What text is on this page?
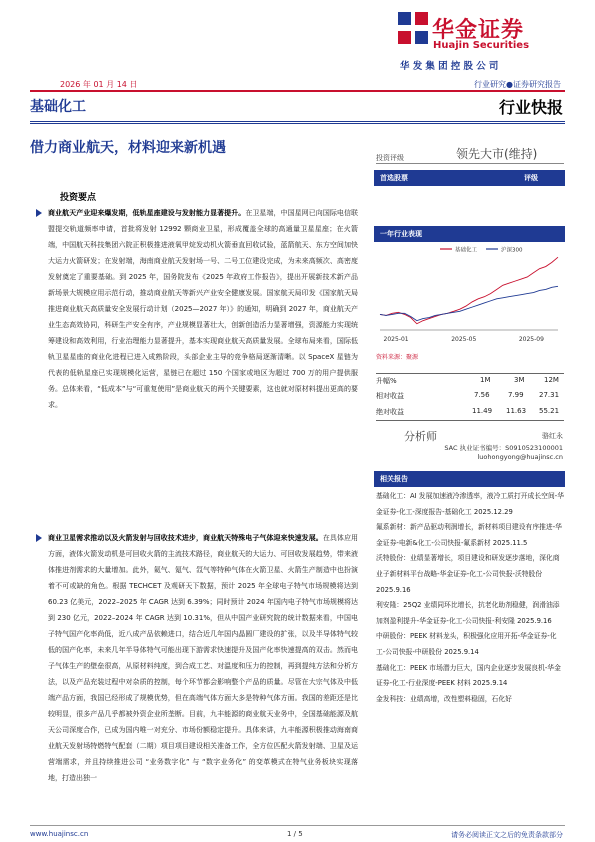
华金证券
Huajin Securities
华发集团控股公司
2026 年 01 月 14 日	行业研究●证券研究报告
基础化工	行业快报
借力商业航天，材料迎来新机遇
投资要点
商业航天产业迎来爆发期，低轨星座建设与发射能力显著提升。在卫星端，中国星网已向国际电信联盟提交轨道频率申请，首批将发射 12992 颗商业卫星，形成覆盖全球的高通量卫星星座；在火箭端，中国航天科技集团六院正积极推进液氧甲烷发动机火箭垂直回收试验，蓝箭航天、东方空间加快大运力火箭研发；在发射端，海南商业航天发射场一号、二号工位建设完成，为未来高频次、高密度发射奠定了重要基础。到 2025 年，国务院发布《2025 年政府工作报告》，提出开展新技术新产品新场景大规模应用示范行动，推动商业航天等新兴产业安全健康发展。国家航天局印发《国家航天局推进商业航天高质量安全发展行动计划（2025—2027 年）》的通知，明确到 2027 年，商业航天产业生态高效协同，科研生产安全有序，产业规模显著壮大，创新创造活力显著增强，资源能力实现统筹建设和高效利用，行业治理能力显著提升，基本实现商业航天高质量发展。全球布局来看，国际低轨卫星星座的商业化进程已进入成熟阶段，头部企业主导的竞争格局逐渐清晰。以 SpaceX 星链为代表的低轨星座已实现规模化运营，星链已在超过 150 个国家或地区为超过 700 万的用户提供服务。总体来看，“低成本”与“可重复使用”是商业航天的两个关键要素，这也就对原材料提出更高的要求。
商业卫星需求推动以及火箭发射与回收技术进步，商业航天特殊电子气体迎来快速发展。在具体应用方面，液体火箭发动机是可回收火箭的主流技术路径，商业航天的大运力、可回收发展趋势，带来液体推进剂需求的大量增加。此外，氦气、氪气、氙气等特种气体在火箭卫星、火箭生产制造中也扮演着不可或缺的角色。根据 TECHCET 及观研天下数据，预计 2025 年全球电子特气市场规模将达到 60.23 亿美元，2022–2025 年 CAGR 达到 6.39%；同时预计 2024 年国内电子特气市场规模将达到 230 亿元，2022–2024 年 CAGR 达到 10.31%，但从中国产业研究院的统计数据来看，中国电子特气国产化率尚低，近八成产品依赖进口，结合近几年国内晶圆厂建设的扩张，以及半导体特气较低的国产化率，未来几年半导体特气可能出现下游需求快速提升及国产化率快速提高的双击。然而电子气体生产的壁垒很高，从原材料纯度，到合成工艺、对温度和压力的控制，再到提纯方法和分析方法，以及产品充装过程中对杂质的控制，每个环节都会影响整个产品的质量。尽管在大宗气体及中低端产品方面，我国已经形成了规模优势，但在高端气体方面大多是特种气体方面。我国的差距还是比较明显，很多产品几乎都被外资企业所垄断。目前，九丰能源的商业航天业务中，全国基础能源及航天公司深度合作，已成为国内唯一对充分、市场份额稳定提升。具体来讲，九丰能源积极推动海南商业航天发射场特燃特气配套（二期）项目项目建设相关准备工作，全方位匹配火箭发射端、卫星及运营端需求，并且持续推进公司 “业务数字化” 与 “数字业务化” 的变革模式在特气业务板块实现落地，打造出独一
投资评级	领先大市(维持)
首选股票	评级
一年行业表现
基础化工	沪深300
2025-01	2025-05	2025-09
资料来源：聚源
升幅%	1M	3M	12M
相对收益	7.56	7.99 27.31
绝对收益	11.49 11.63 55.21
分析师	骆红永
SAC 执业证书编号：S0910523100001
luohongyong@huajinsc.cn
相关报告
基础化工：AI 发展加速液冷渗透率，液冷工质打开成长空间-华金证券-化工-深度报告-基础化工 2025.12.29
氟系新材：新产品驱动利润增长，新材料项目建设有序推进-华金证券-电新&化工-公司快报-氟系新材 2025.11.5
沃特股份：业绩显著增长，项目建设和研发逐步落地，深化商业子新材料平台战略-华金证券-化工-公司快报-沃特股份 2025.9.16
利安隆：25Q2 业绩同环比增长，抗老化助剂稳健，润滑油添加剂盈利提升-华金证券-化工-公司快报-利安隆 2025.9.16
中研股份：PEEK 材料龙头，积极强化应用开拓-华金证券-化工-公司快报-中研股份 2025.9.14
基础化工：PEEK 市场潜力巨大，国内企业逐步发展良机-华金证券-化工-行业深度-PEEK 材料 2025.9.14
金发科技：业绩高增，改性塑料稳固，石化好
www.huajinsc.cn	1 / 5	请务必阅读正文之后的免责条款部分
